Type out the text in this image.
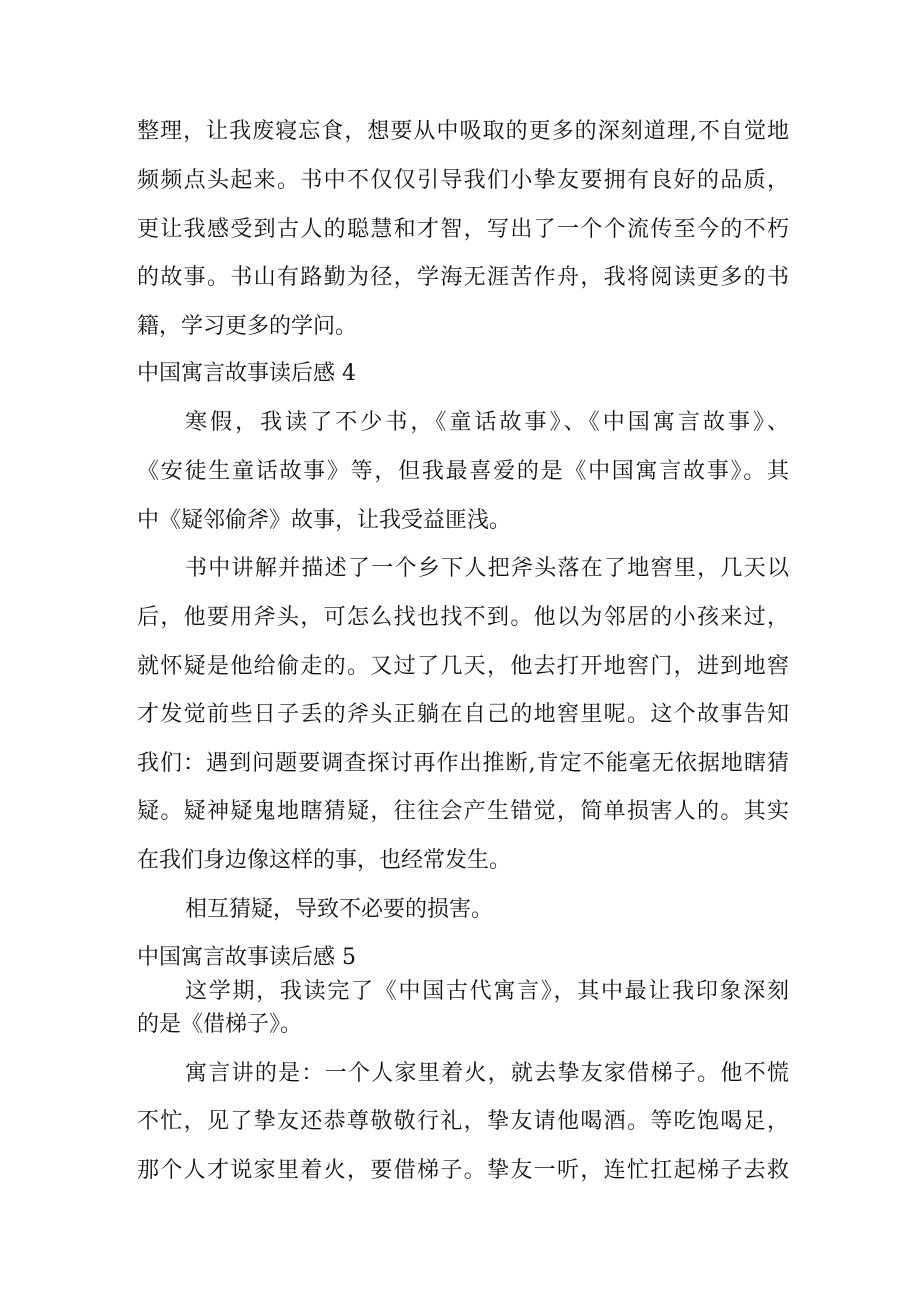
整理，让我废寝忘食，想要从中吸取的更多的深刻道理,不自觉地
频频点头起来。书中不仅仅引导我们小挚友要拥有良好的品质，
更让我感受到古人的聪慧和才智，写出了一个个流传至今的不朽
的故事。书山有路勤为径，学海无涯苦作舟，我将阅读更多的书
籍，学习更多的学问。
中国寓言故事读后感 4
寒假，我读了不少书，《童话故事》、《中国寓言故事》、
《安徒生童话故事》等，但我最喜爱的是《中国寓言故事》。其
中《疑邻偷斧》故事，让我受益匪浅。
书中讲解并描述了一个乡下人把斧头落在了地窖里，几天以
后，他要用斧头，可怎么找也找不到。他以为邻居的小孩来过，
就怀疑是他给偷走的。又过了几天，他去打开地窖门，进到地窖
才发觉前些日子丢的斧头正躺在自己的地窖里呢。这个故事告知
我们：遇到问题要调查探讨再作出推断,肯定不能毫无依据地瞎猜
疑。疑神疑鬼地瞎猜疑，往往会产生错觉，简单损害人的。其实
在我们身边像这样的事，也经常发生。
相互猜疑，导致不必要的损害。
中国寓言故事读后感 5
这学期，我读完了《中国古代寓言》，其中最让我印象深刻
的是《借梯子》。
寓言讲的是：一个人家里着火，就去挚友家借梯子。他不慌
不忙，见了挚友还恭尊敬敬行礼，挚友请他喝酒。等吃饱喝足，
那个人才说家里着火，要借梯子。挚友一听，连忙扛起梯子去救
